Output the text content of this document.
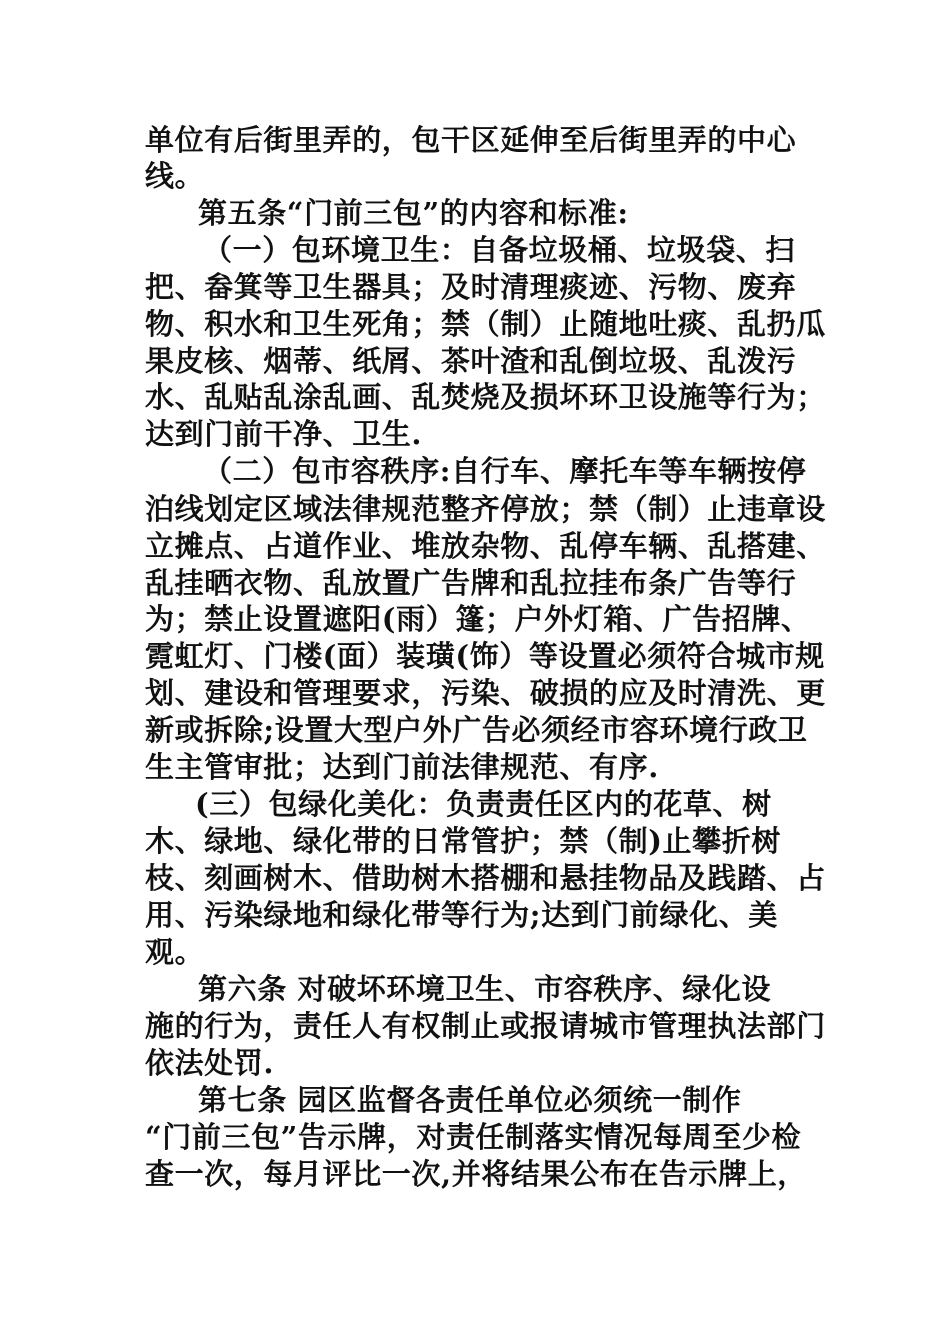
单位有后街里弄的，包干区延伸至后街里弄的中心

线。

第五条“门前三包”的内容和标准:

（一）包环境卫生：自备垃圾桶、垃圾袋、扫

把、畚箕等卫生器具；及时清理痰迹、污物、废弃

物、积水和卫生死角；禁（制）止随地吐痰、乱扔瓜

果皮核、烟蒂、纸屑、茶叶渣和乱倒垃圾、乱泼污

水、乱贴乱涂乱画、乱焚烧及损坏环卫设施等行为；

达到门前干净、卫生.

（二）包市容秩序:自行车、摩托车等车辆按停

泊线划定区域法律规范整齐停放；禁（制）止违章设

立摊点、占道作业、堆放杂物、乱停车辆、乱搭建、

乱挂晒衣物、乱放置广告牌和乱拉挂布条广告等行

为；禁止设置遮阳(雨）篷；户外灯箱、广告招牌、

霓虹灯、门楼(面）装璜(饰）等设置必须符合城市规

划、建设和管理要求，污染、破损的应及时清洗、更

新或拆除;设置大型户外广告必须经市容环境行政卫

生主管审批；达到门前法律规范、有序.

(三）包绿化美化：负责责任区内的花草、树

木、绿地、绿化带的日常管护；禁（制)止攀折树

枝、刻画树木、借助树木搭棚和悬挂物品及践踏、占

用、污染绿地和绿化带等行为;达到门前绿化、美

观。

第六条 对破坏环境卫生、市容秩序、绿化设

施的行为，责任人有权制止或报请城市管理执法部门

依法处罚.

第七条 园区监督各责任单位必须统一制作

“门前三包”告示牌，对责任制落实情况每周至少检

查一次，每月评比一次,并将结果公布在告示牌上，
